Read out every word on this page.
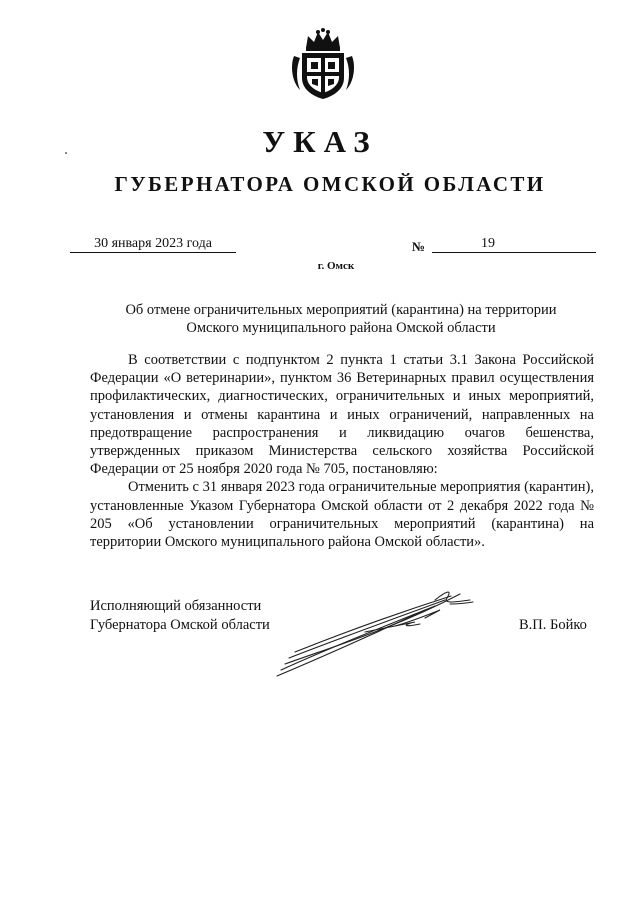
УКАЗ
ГУБЕРНАТОРА ОМСКОЙ ОБЛАСТИ
30 января 2023 года	№	19

г. Омск
Об отмене ограничительных мероприятий (карантина) на территории
Омского муниципального района Омской области

В соответствии с подпунктом 2 пункта 1 статьи 3.1 Закона Российской Федерации «О ветеринарии», пунктом 36 Ветеринарных правил осуществления профилактических, диагностических, ограничительных и иных мероприятий, установления и отмены карантина и иных ограничений, направленных на предотвращение распространения и ликвидацию очагов бешенства, утвержденных приказом Министерства сельского хозяйства Российской Федерации от 25 ноября 2020 года № 705, постановляю:

Отменить с 31 января 2023 года ограничительные мероприятия (карантин), установленные Указом Губернатора Омской области от 2 декабря 2022 года № 205 «Об установлении ограничительных мероприятий (карантина) на территории Омского муниципального района Омской области».

Исполняющий обязанности
Губернатора Омской области	В.П. Бойко
